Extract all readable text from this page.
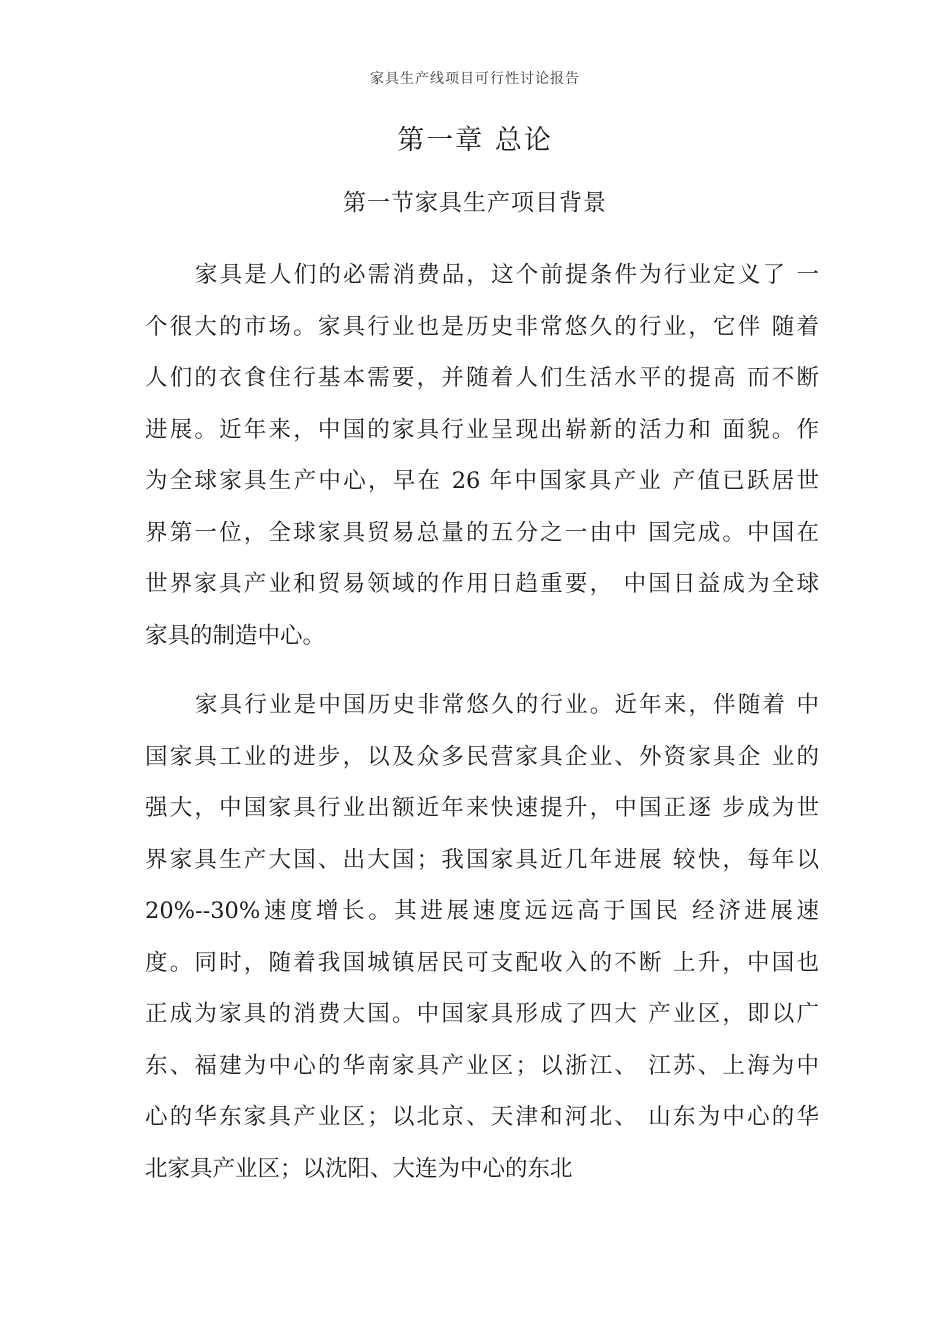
家具生产线项目可行性讨论报告
第一章 总论
第一节家具生产项目背景
家具是人们的必需消费品，这个前提条件为行业定义了 一
个很大的市场。家具行业也是历史非常悠久的行业，它伴 随着
人们的衣食住行基本需要，并随着人们生活水平的提高 而不断
进展。近年来，中国的家具行业呈现出崭新的活力和 面貌。作
为全球家具生产中心，早在 26 年中国家具产业 产值已跃居世
界第一位，全球家具贸易总量的五分之一由中 国完成。中国在
世界家具产业和贸易领域的作用日趋重要， 中国日益成为全球
家具的制造中心。
家具行业是中国历史非常悠久的行业。近年来，伴随着 中
国家具工业的进步，以及众多民营家具企业、外资家具企 业的
强大，中国家具行业出额近年来快速提升，中国正逐 步成为世
界家具生产大国、出大国；我国家具近几年进展 较快，每年以
20%--30%速度增长。其进展速度远远高于国民 经济进展速
度。同时，随着我国城镇居民可支配收入的不断 上升，中国也
正成为家具的消费大国。中国家具形成了四大 产业区，即以广
东、福建为中心的华南家具产业区；以浙江、 江苏、上海为中
心的华东家具产业区；以北京、天津和河北、 山东为中心的华
北家具产业区；以沈阳、大连为中心的东北
